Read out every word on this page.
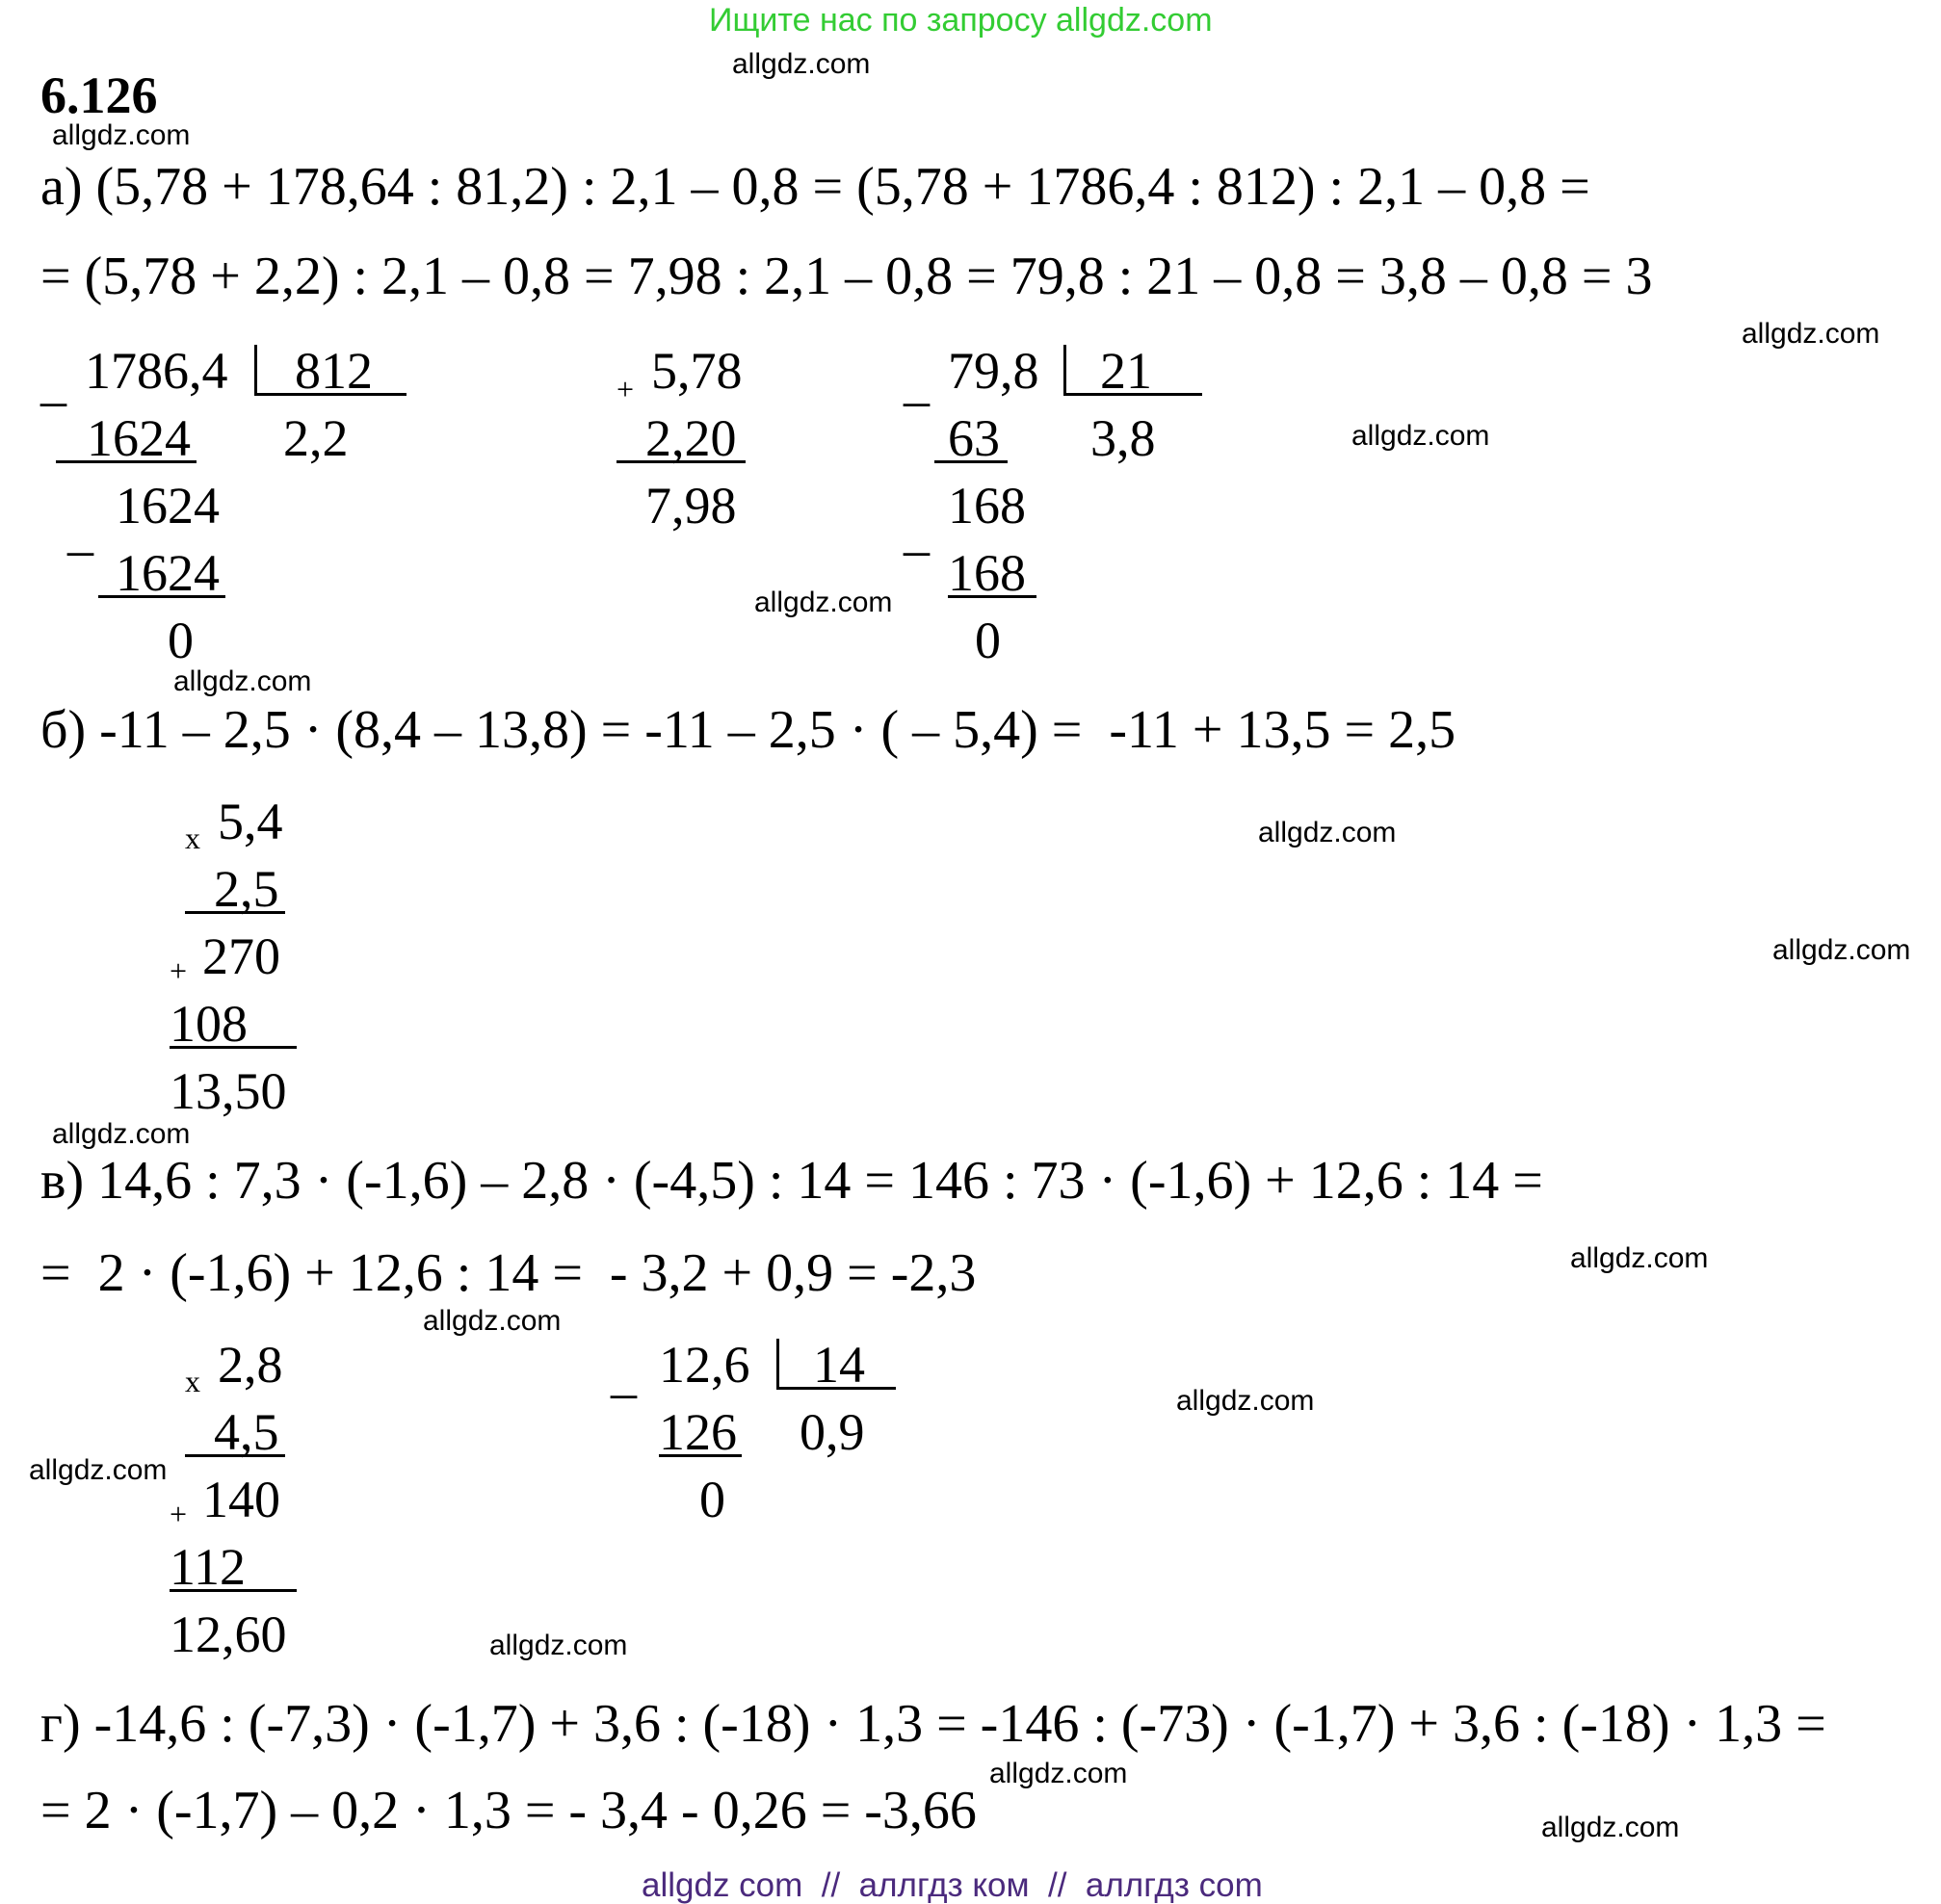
Ищите нас по запросу allgdz.com
6.126
allgdz.com
allgdz.com
allgdz.com
allgdz.com
allgdz.com
allgdz.com
allgdz.com
allgdz.com
allgdz.com
allgdz.com
allgdz.com
allgdz.com
allgdz.com
allgdz.com
allgdz.com
allgdz.com
а) (5,78 + 178,64 : 81,2) : 2,1 – 0,8 = (5,78 + 1786,4 : 812) : 2,1 – 0,8 =
= (5,78 + 2,2) : 2,1 – 0,8 = 7,98 : 2,1 – 0,8 = 79,8 : 21 – 0,8 = 3,8 – 0,8 = 3
_ 1786,4 812
2,2
1624
_ 1624
1624
0
+ 5,78
2,20
7,98
_ 79,8 21
3,8
63
_ 168
168
0
б) -11 – 2,5 · (8,4 – 13,8) = -11 – 2,5 · ( – 5,4) =  -11 + 13,5 = 2,5
х 5,4
2,5
+ 270
108
13,50
в) 14,6 : 7,3 · (-1,6) – 2,8 · (-4,5) : 14 = 146 : 73 · (-1,6) + 12,6 : 14 =
=  2 · (-1,6) + 12,6 : 14 =  - 3,2 + 0,9 = -2,3
х 2,8
4,5
+ 140
112
12,60
_ 12,6 14
0,9
126
0
г) -14,6 : (-7,3) · (-1,7) + 3,6 : (-18) · 1,3 = -146 : (-73) · (-1,7) + 3,6 : (-18) · 1,3 =
= 2 · (-1,7) – 0,2 · 1,3 = - 3,4 - 0,26 = -3,66
allgdz com  //  аллгдз ком  //  аллгдз com
